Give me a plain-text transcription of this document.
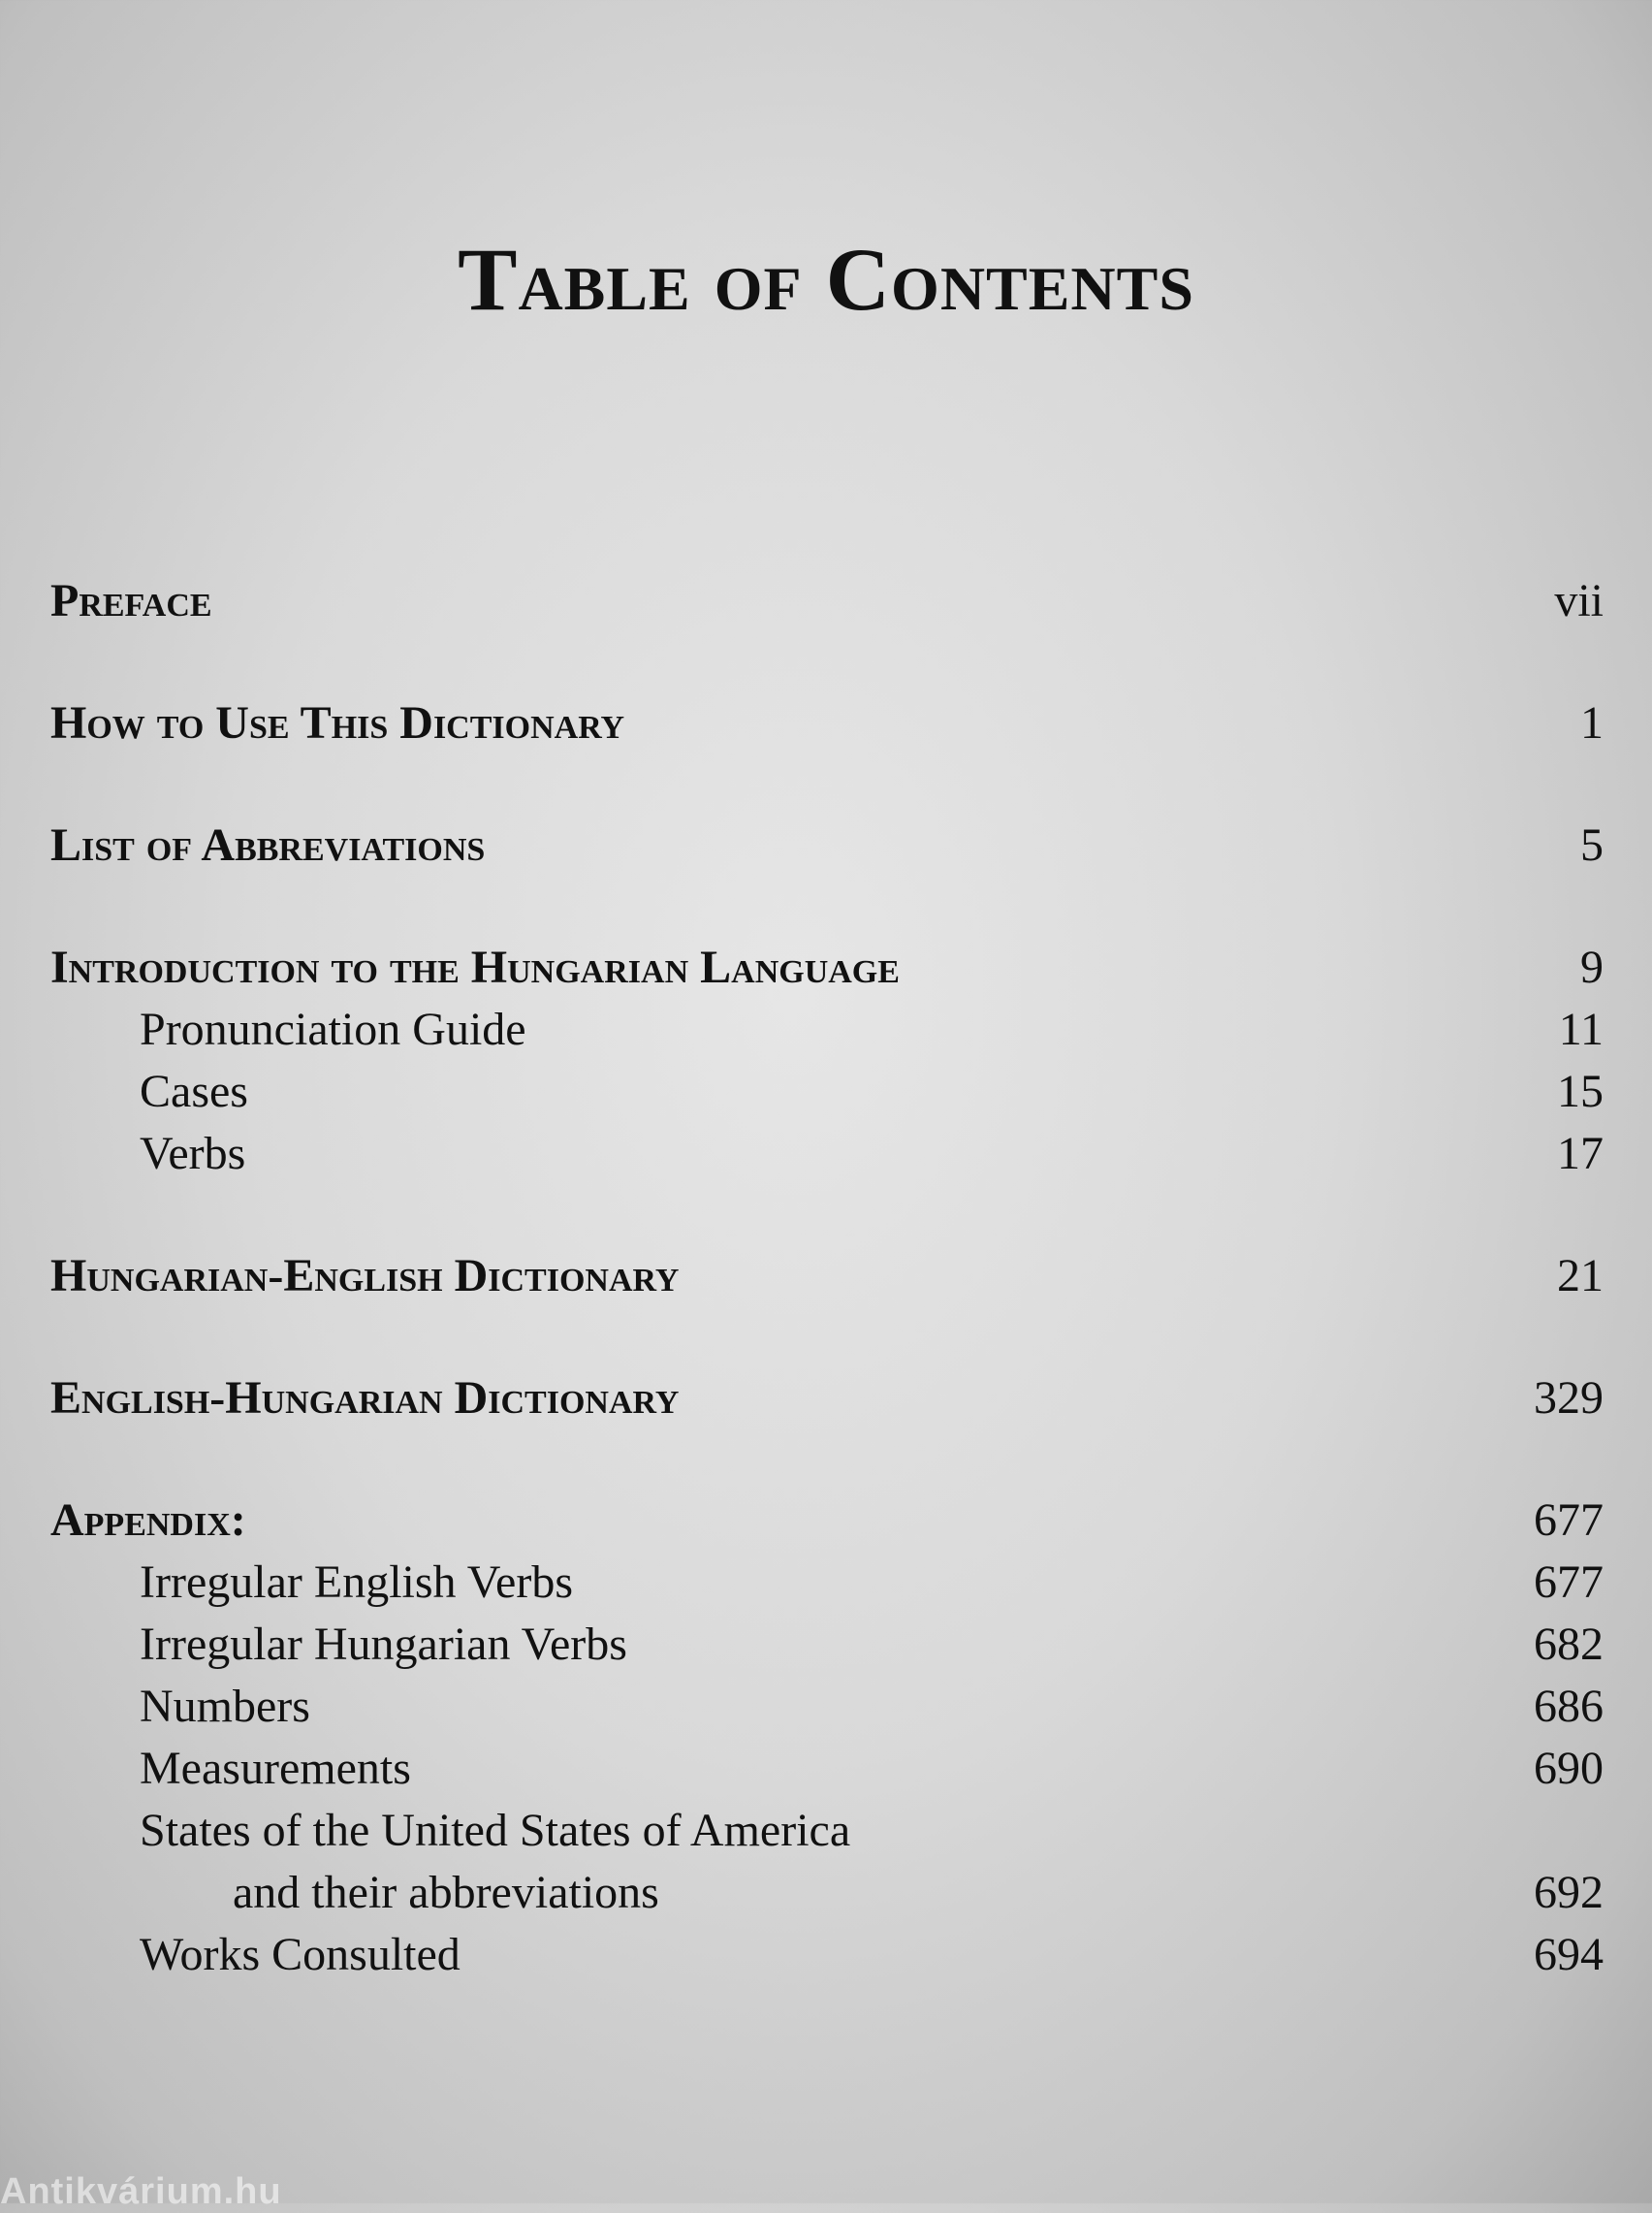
Table of Contents
Preface	vii
How to Use This Dictionary	1
List of Abbreviations	5
Introduction to the Hungarian Language	9
Pronunciation Guide	11
Cases	15
Verbs	17
Hungarian-English Dictionary	21
English-Hungarian Dictionary	329
Appendix:	677
Irregular English Verbs	677
Irregular Hungarian Verbs	682
Numbers	686
Measurements	690
States of the United States of America
and their abbreviations	692
Works Consulted	694
Antikvárium.hu
